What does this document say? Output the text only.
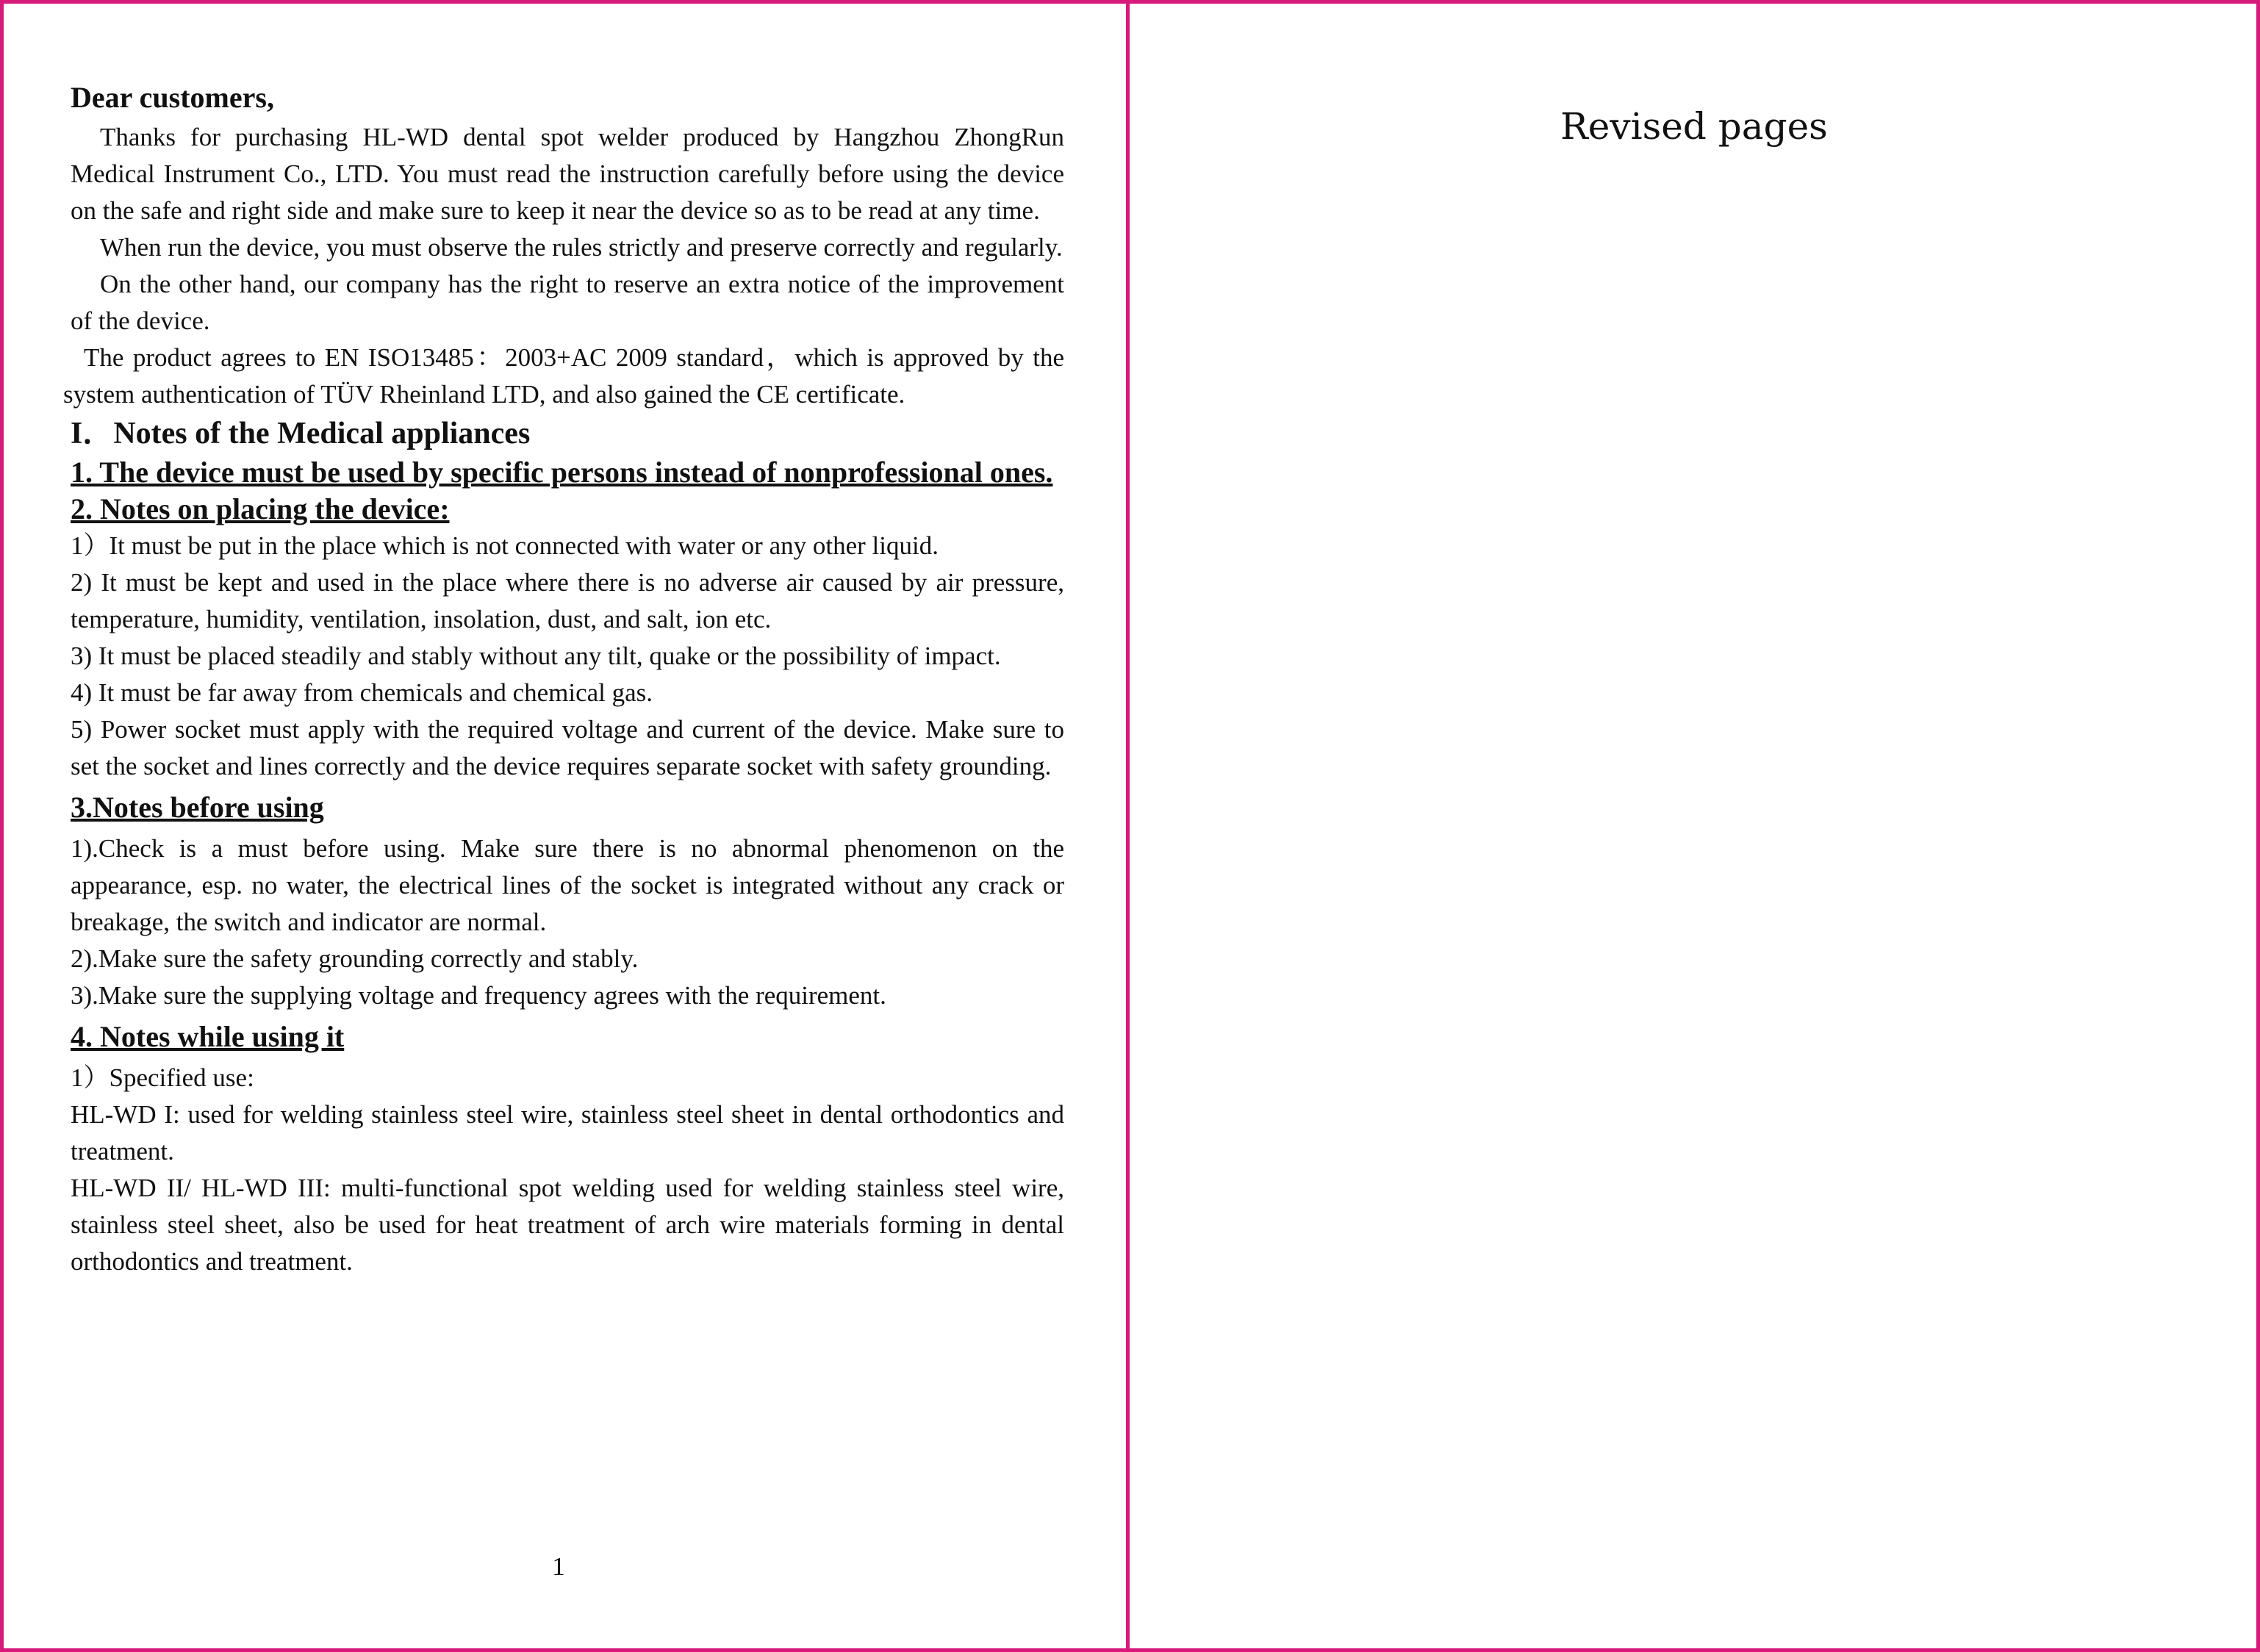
Dear customers,

Thanks for purchasing HL-WD dental spot welder produced by Hangzhou ZhongRun Medical Instrument Co., LTD. You must read the instruction carefully before using the device on the safe and right side and make sure to keep it near the device so as to be read at any time.

When run the device, you must observe the rules strictly and preserve correctly and regularly.

On the other hand, our company has the right to reserve an extra notice of the improvement of the device.

The product agrees to EN ISO13485：2003+AC 2009 standard，which is approved by the system authentication of TÜV Rheinland LTD, and also gained the CE certificate.

I．Notes of the Medical appliances

1. The device must be used by specific persons instead of nonprofessional ones.

2. Notes on placing the device:

1）It must be put in the place which is not connected with water or any other liquid.

2) It must be kept and used in the place where there is no adverse air caused by air pressure, temperature, humidity, ventilation, insolation, dust, and salt, ion etc.

3) It must be placed steadily and stably without any tilt, quake or the possibility of impact.

4) It must be far away from chemicals and chemical gas.

5) Power socket must apply with the required voltage and current of the device. Make sure to set the socket and lines correctly and the device requires separate socket with safety grounding.

3.Notes before using

1).Check is a must before using. Make sure there is no abnormal phenomenon on the appearance, esp. no water, the electrical lines of the socket is integrated without any crack or breakage, the switch and indicator are normal.

2).Make sure the safety grounding correctly and stably.

3).Make sure the supplying voltage and frequency agrees with the requirement.

4. Notes while using it

1）Specified use:

HL-WD I: used for welding stainless steel wire, stainless steel sheet in dental orthodontics and treatment.

HL-WD II/ HL-WD III: multi-functional spot welding used for welding stainless steel wire, stainless steel sheet, also be used for heat treatment of arch wire materials forming in dental orthodontics and treatment.

1
Revised pages
